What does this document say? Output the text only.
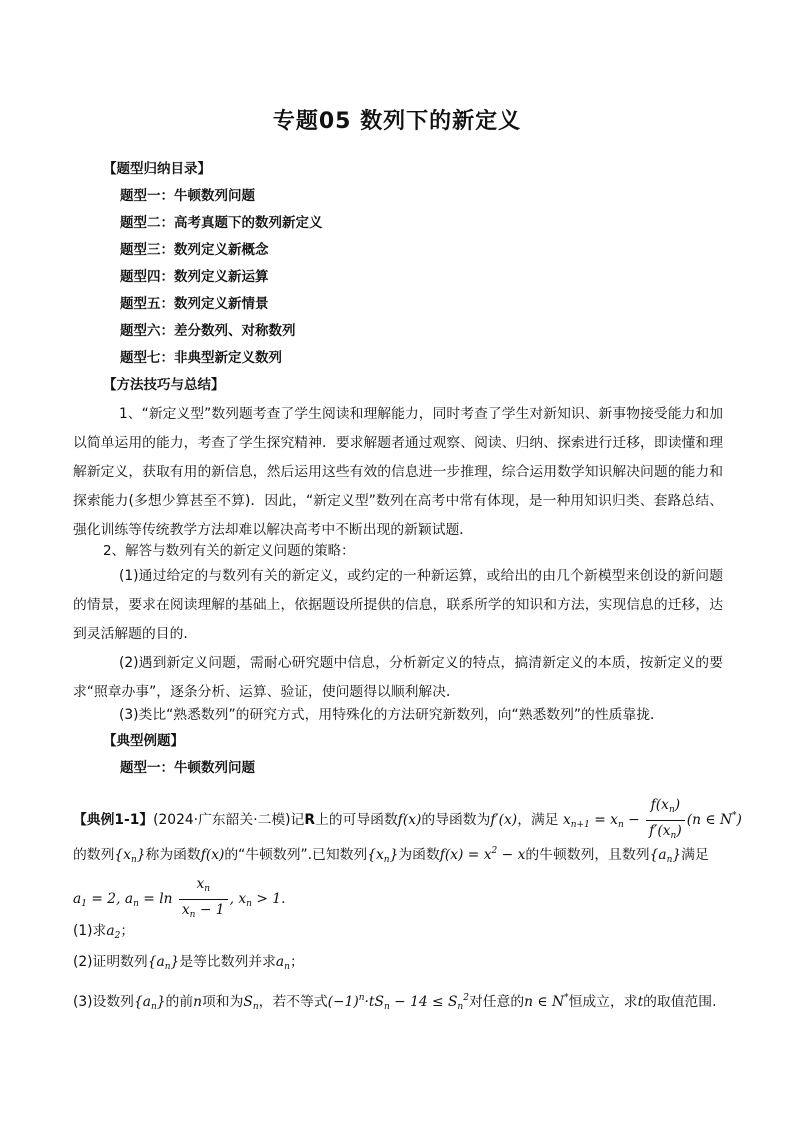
专题05 数列下的新定义
【题型归纳目录】
题型一：牛顿数列问题
题型二：高考真题下的数列新定义
题型三：数列定义新概念
题型四：数列定义新运算
题型五：数列定义新情景
题型六：差分数列、对称数列
题型七：非典型新定义数列
【方法技巧与总结】
1、“新定义型”数列题考查了学生阅读和理解能力，同时考查了学生对新知识、新事物接受能力和加以简单运用的能力，考查了学生探究精神．要求解题者通过观察、阅读、归纳、探索进行迁移，即读懂和理解新定义，获取有用的新信息，然后运用这些有效的信息进一步推理，综合运用数学知识解决问题的能力和探索能力(多想少算甚至不算)．因此，“新定义型”数列在高考中常有体现，是一种用知识归类、套路总结、强化训练等传统教学方法却难以解决高考中不断出现的新颖试题．
2、解答与数列有关的新定义问题的策略：
(1)通过给定的与数列有关的新定义，或约定的一种新运算，或给出的由几个新模型来创设的新问题的情景，要求在阅读理解的基础上，依据题设所提供的信息，联系所学的知识和方法，实现信息的迁移，达到灵活解题的目的.
(2)遇到新定义问题，需耐心研究题中信息，分析新定义的特点，搞清新定义的本质，按新定义的要求“照章办事”，逐条分析、运算、验证，使问题得以顺利解决．
(3)类比“熟悉数列”的研究方式，用特殊化的方法研究新数列，向“熟悉数列”的性质靠拢．
【典型例题】
题型一：牛顿数列问题
【典例1-1】(2024·广东韶关·二模)记R上的可导函数f(x)的导函数为f′(x)，满足 $x_{n+1} = x_n - \frac{f(x_n)}{f'(x_n)} (n$ ∈ N*)
的数列$\{x_n\}$称为函数f(x)的“牛顿数列”.已知数列$\{x_n\}$为函数$f(x) = x^2 - x$的牛顿数列，且数列$\{a_n\}$满足
$a_1 = 2$, $a_n = \ln \frac{x_n}{x_n - 1}$ , $x_n > 1$.
(1)求$a_2$；
(2)证明数列$\{a_n\}$是等比数列并求$a_n$；
(3)设数列$\{a_n\}$的前n项和为$S_n$，若不等式$(-1)^n\cdot tS_n - 14 \le S_n^2$对任意的n ∈ N*恒成立，求t的取值范围.
